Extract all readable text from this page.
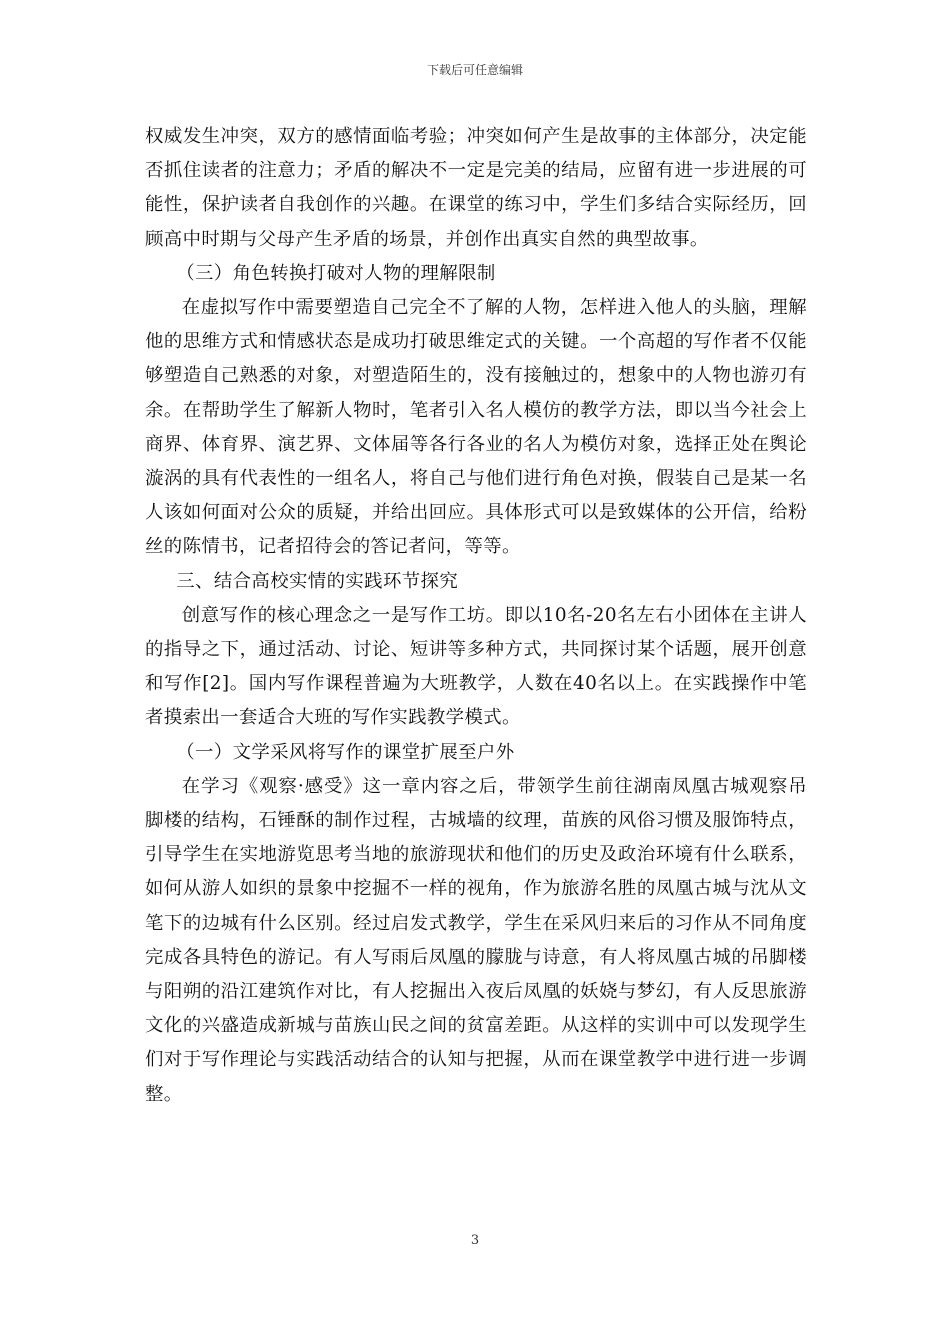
下载后可任意编辑

权威发生冲突，双方的感情面临考验；冲突如何产生是故事的主体部分，决定能否抓住读者的注意力；矛盾的解决不一定是完美的结局，应留有进一步进展的可能性，保护读者自我创作的兴趣。在课堂的练习中，学生们多结合实际经历，回顾高中时期与父母产生矛盾的场景，并创作出真实自然的典型故事。

（三）角色转换打破对人物的理解限制

在虚拟写作中需要塑造自己完全不了解的人物，怎样进入他人的头脑，理解他的思维方式和情感状态是成功打破思维定式的关键。一个高超的写作者不仅能够塑造自己熟悉的对象，对塑造陌生的，没有接触过的，想象中的人物也游刃有余。在帮助学生了解新人物时，笔者引入名人模仿的教学方法，即以当今社会上商界、体育界、演艺界、文体届等各行各业的名人为模仿对象，选择正处在舆论漩涡的具有代表性的一组名人，将自己与他们进行角色对换，假装自己是某一名人该如何面对公众的质疑，并给出回应。具体形式可以是致媒体的公开信，给粉丝的陈情书，记者招待会的答记者问，等等。

三、结合高校实情的实践环节探究

创意写作的核心理念之一是写作工坊。即以10名-20名左右小团体在主讲人的指导之下，通过活动、讨论、短讲等多种方式，共同探讨某个话题，展开创意和写作[2]。国内写作课程普遍为大班教学，人数在40名以上。在实践操作中笔者摸索出一套适合大班的写作实践教学模式。

（一）文学采风将写作的课堂扩展至户外

在学习《观察·感受》这一章内容之后，带领学生前往湖南凤凰古城观察吊脚楼的结构，石锤酥的制作过程，古城墙的纹理，苗族的风俗习惯及服饰特点，引导学生在实地游览思考当地的旅游现状和他们的历史及政治环境有什么联系，如何从游人如织的景象中挖掘不一样的视角，作为旅游名胜的凤凰古城与沈从文笔下的边城有什么区别。经过启发式教学，学生在采风归来后的习作从不同角度完成各具特色的游记。有人写雨后凤凰的朦胧与诗意，有人将凤凰古城的吊脚楼与阳朔的沿江建筑作对比，有人挖掘出入夜后凤凰的妖娆与梦幻，有人反思旅游文化的兴盛造成新城与苗族山民之间的贫富差距。从这样的实训中可以发现学生们对于写作理论与实践活动结合的认知与把握，从而在课堂教学中进行进一步调整。

3
